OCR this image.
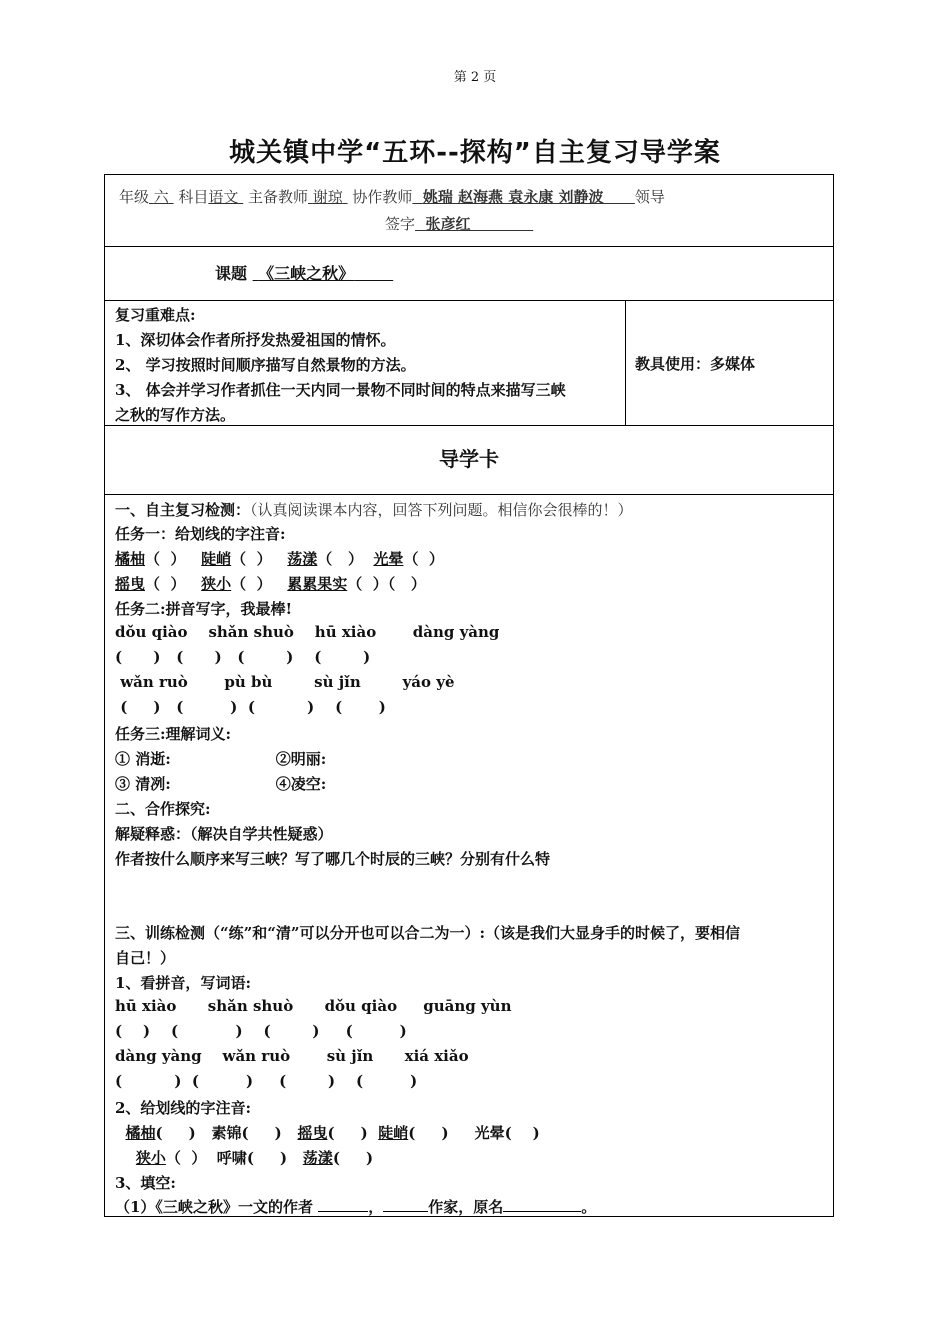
第 2 页
城关镇中学“五环--探构”自主复习导学案
年级 六 科目语文 主备教师 谢琼 协作教师 姚瑞 赵海燕 袁永康 刘静波 领导
签字 张彦红
课题 《三峡之秋》
复习重难点:
1、深切体会作者所抒发热爱祖国的情怀。
2、 学习按照时间顺序描写自然景物的方法。
3、 体会并学习作者抓住一天内同一景物不同时间的特点来描写三峡
之秋的写作方法。
教具使用：多媒体
导学卡
一、自主复习检测：（认真阅读课本内容，回答下列问题。相信你会很棒的！）
任务一：给划线的字注音:
橘柚（  ）   陡峭（  ）   荡漾（   ）  光晕（  ）
摇曳（  ）   狭小（  ）   累累果实（  ）（   ）
任务二:拼音写字，我最棒!
dǒu qiào shǎn shuò hū xiào dàng yàng
(      )   (      )   (        )    (        )
wǎn ruò pù bù	sù jǐn	yáo yè
(     )   (         )  (          )    (       )
任务三:理解词义:
① 消逝:	②明丽:
③ 清冽:	④凌空:
二、合作探究:
解疑释惑：（解决自学共性疑惑）
作者按什么顺序来写三峡？写了哪几个时辰的三峡？分别有什么特
三、训练检测（“练”和“清”可以分开也可以合二为一）:（该是我们大显身手的时候了，要相信
自己！）
1、看拼音，写词语:
hū xiào shǎn shuò dǒu qiào guāng yùn
(    )    (           )    (        )     (         )
dàng yàng wǎn ruò sù jǐn xiá xiǎo
(          )  (         )     (        )    (         )
2、给划线的字注音:
橘柚(     )   素锦(     )   摇曳(     )  陡峭(     )     光晕(    )
狭小（  ）  呼啸(     )   荡漾(     )
3、填空:
（1）《三峡之秋》一文的作者	，	作家，原名	。
